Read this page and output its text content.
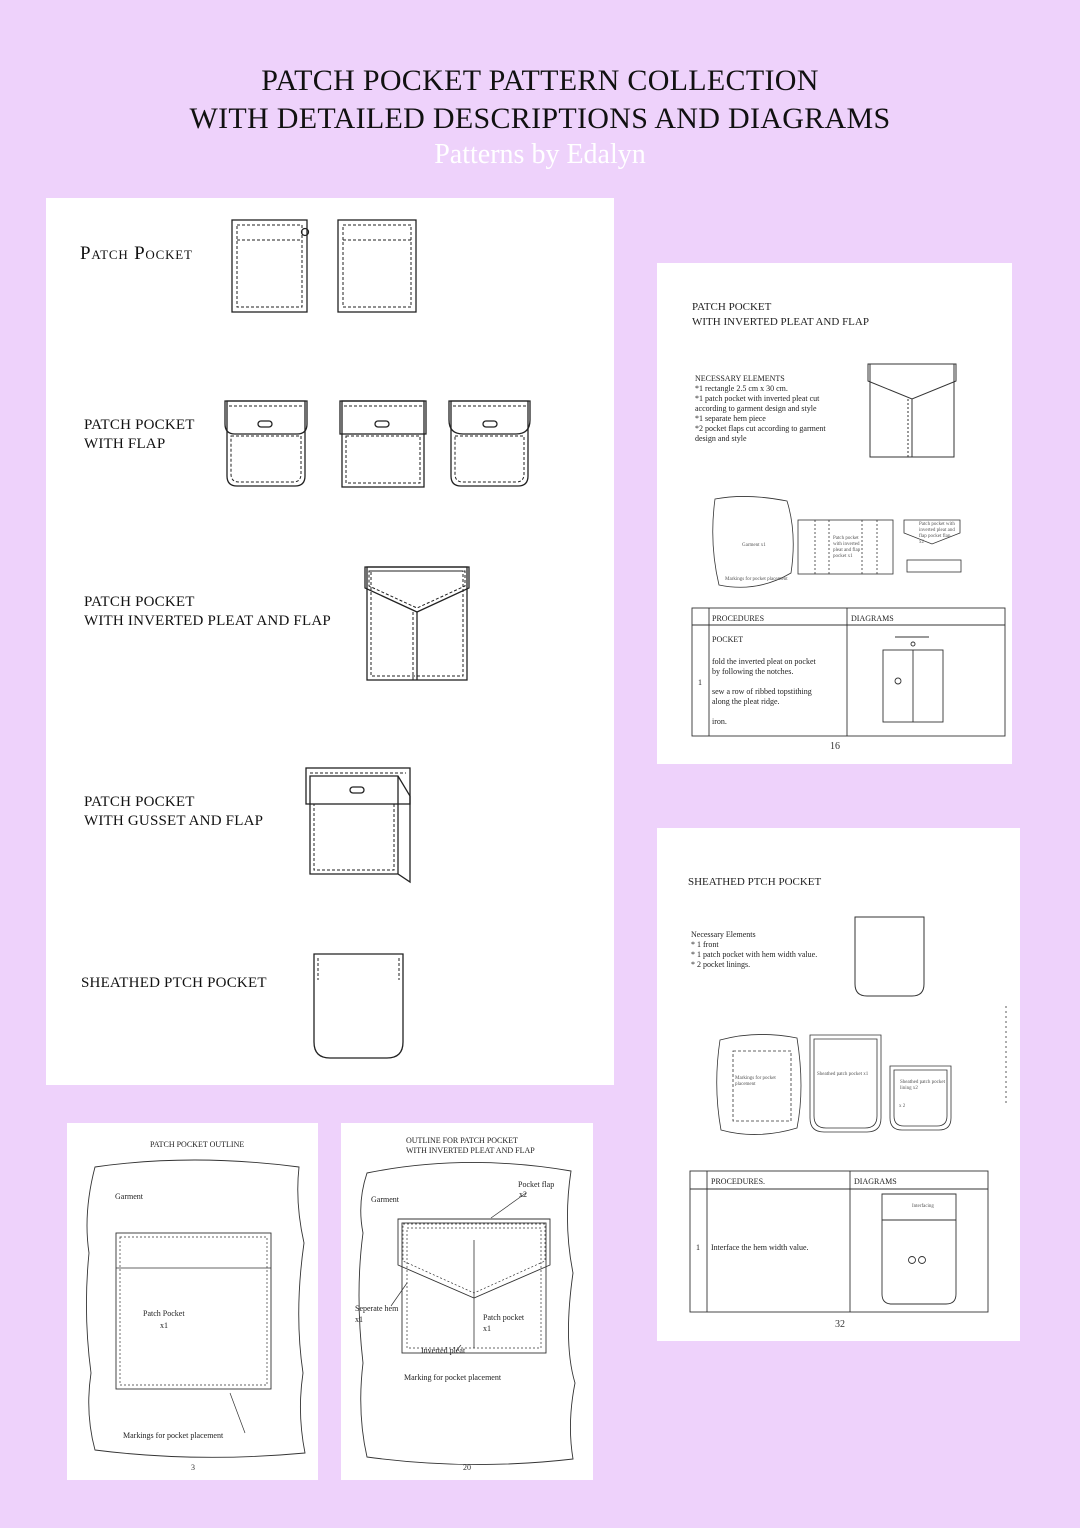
PATCH POCKET PATTERN COLLECTION
WITH DETAILED DESCRIPTIONS AND DIAGRAMS
Patterns by Edalyn
Patch Pocket
PATCH POCKET
WITH FLAP
PATCH POCKET
WITH INVERTED PLEAT AND FLAP
PATCH POCKET
WITH GUSSET AND FLAP
SHEATHED PTCH POCKET
PATCH POCKET
WITH INVERTED PLEAT AND FLAP
NECESSARY ELEMENTS
*1 rectangle 2.5 cm x 30 cm.
*1 patch pocket with inverted pleat cut
according to garment design and style
*1 separate hem piece
*2 pocket flaps cut according to garment
design and style
Garment x1
Markings for pocket placement
Patch pocket with inverted pleat and flap pocket x1
Patch pocket with inverted pleat and flap pocket flap x2
PROCEDURES	DIAGRAMS
1
POCKET
fold the inverted pleat on pocket
by following the notches.
sew a row of ribbed topstithing
along the pleat ridge.
iron.
16
SHEATHED PTCH POCKET
Necessary Elements
* 1 front
* 1 patch pocket with hem width value.
* 2 pocket linings.
Markings for pocket placement
Sheathed patch pocket x1
Sheathed patch pocket lining x2
x 2
PROCEDURES.	DIAGRAMS
1 Interface the hem width value.
Interfacing
32
PATCH POCKET OUTLINE
Garment
Patch Pocket
x1
Markings for pocket placement
3
OUTLINE FOR PATCH POCKET
WITH INVERTED PLEAT AND FLAP
Garment
Pocket flap
x2
Seperate hem
x1	Patch pocket
x1
Inverted pleat
Marking for pocket placement
20
